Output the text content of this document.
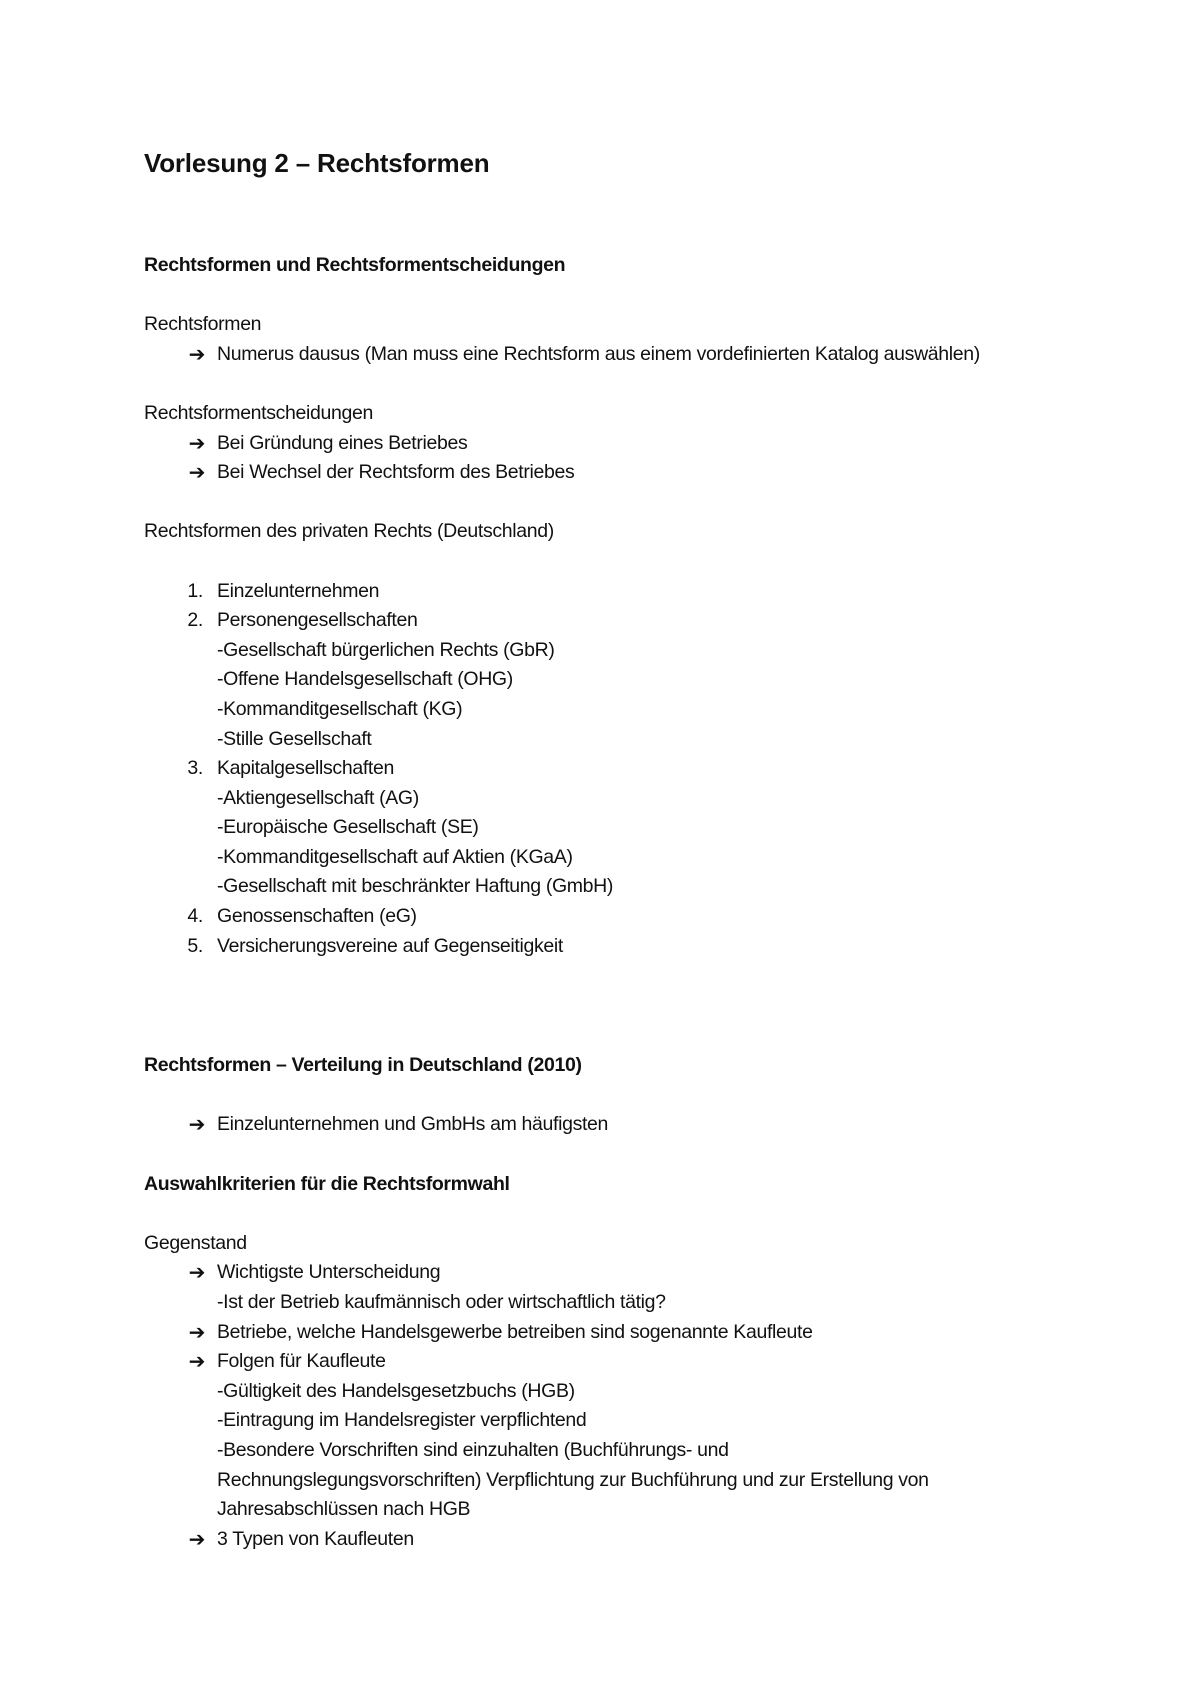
Vorlesung 2 – Rechtsformen
Rechtsformen und Rechtsformentscheidungen
Rechtsformen
➔ Numerus dausus (Man muss eine Rechtsform aus einem vordefinierten Katalog auswählen)
Rechtsformentscheidungen
➔ Bei Gründung eines Betriebes
➔ Bei Wechsel der Rechtsform des Betriebes
Rechtsformen des privaten Rechts (Deutschland)
1. Einzelunternehmen
2. Personengesellschaften
-Gesellschaft bürgerlichen Rechts (GbR)
-Offene Handelsgesellschaft (OHG)
-Kommanditgesellschaft (KG)
-Stille Gesellschaft
3. Kapitalgesellschaften
-Aktiengesellschaft (AG)
-Europäische Gesellschaft (SE)
-Kommanditgesellschaft auf Aktien (KGaA)
-Gesellschaft mit beschränkter Haftung (GmbH)
4. Genossenschaften (eG)
5. Versicherungsvereine auf Gegenseitigkeit
Rechtsformen – Verteilung in Deutschland (2010)
➔ Einzelunternehmen und GmbHs am häufigsten
Auswahlkriterien für die Rechtsformwahl
Gegenstand
➔ Wichtigste Unterscheidung
-Ist der Betrieb kaufmännisch oder wirtschaftlich tätig?
➔ Betriebe, welche Handelsgewerbe betreiben sind sogenannte Kaufleute
➔ Folgen für Kaufleute
-Gültigkeit des Handelsgesetzbuchs (HGB)
-Eintragung im Handelsregister verpflichtend
-Besondere Vorschriften sind einzuhalten (Buchführungs- und
Rechnungslegungsvorschriften) Verpflichtung zur Buchführung und zur Erstellung von
Jahresabschlüssen nach HGB
➔ 3 Typen von Kaufleuten
